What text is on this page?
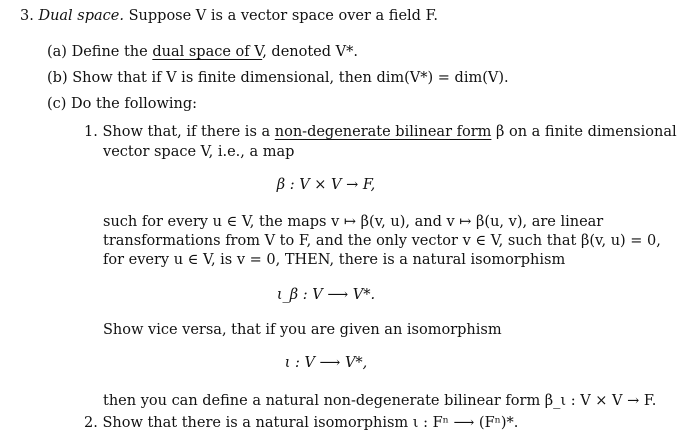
3. Dual space. Suppose V is a vector space over a field F.
(a) Define the dual space of V, denoted V*.
(b) Show that if V is finite dimensional, then dim(V*) = dim(V).
(c) Do the following:
1. Show that, if there is a non-degenerate bilinear form β on a finite dimensional
vector space V, i.e., a map
β : V × V → F,
such for every u ∈ V, the maps v ↦ β(v, u), and v ↦ β(u, v), are linear
transformations from V to F, and the only vector v ∈ V, such that β(v, u) = 0,
for every u ∈ V, is v = 0, THEN, there is a natural isomorphism
ι_β : V ⟶ V*.
Show vice versa, that if you are given an isomorphism
ι : V ⟶ V*,
then you can define a natural non-degenerate bilinear form β_ι : V × V → F.
2. Show that there is a natural isomorphism ι : Fⁿ ⟶ (Fⁿ)*.
